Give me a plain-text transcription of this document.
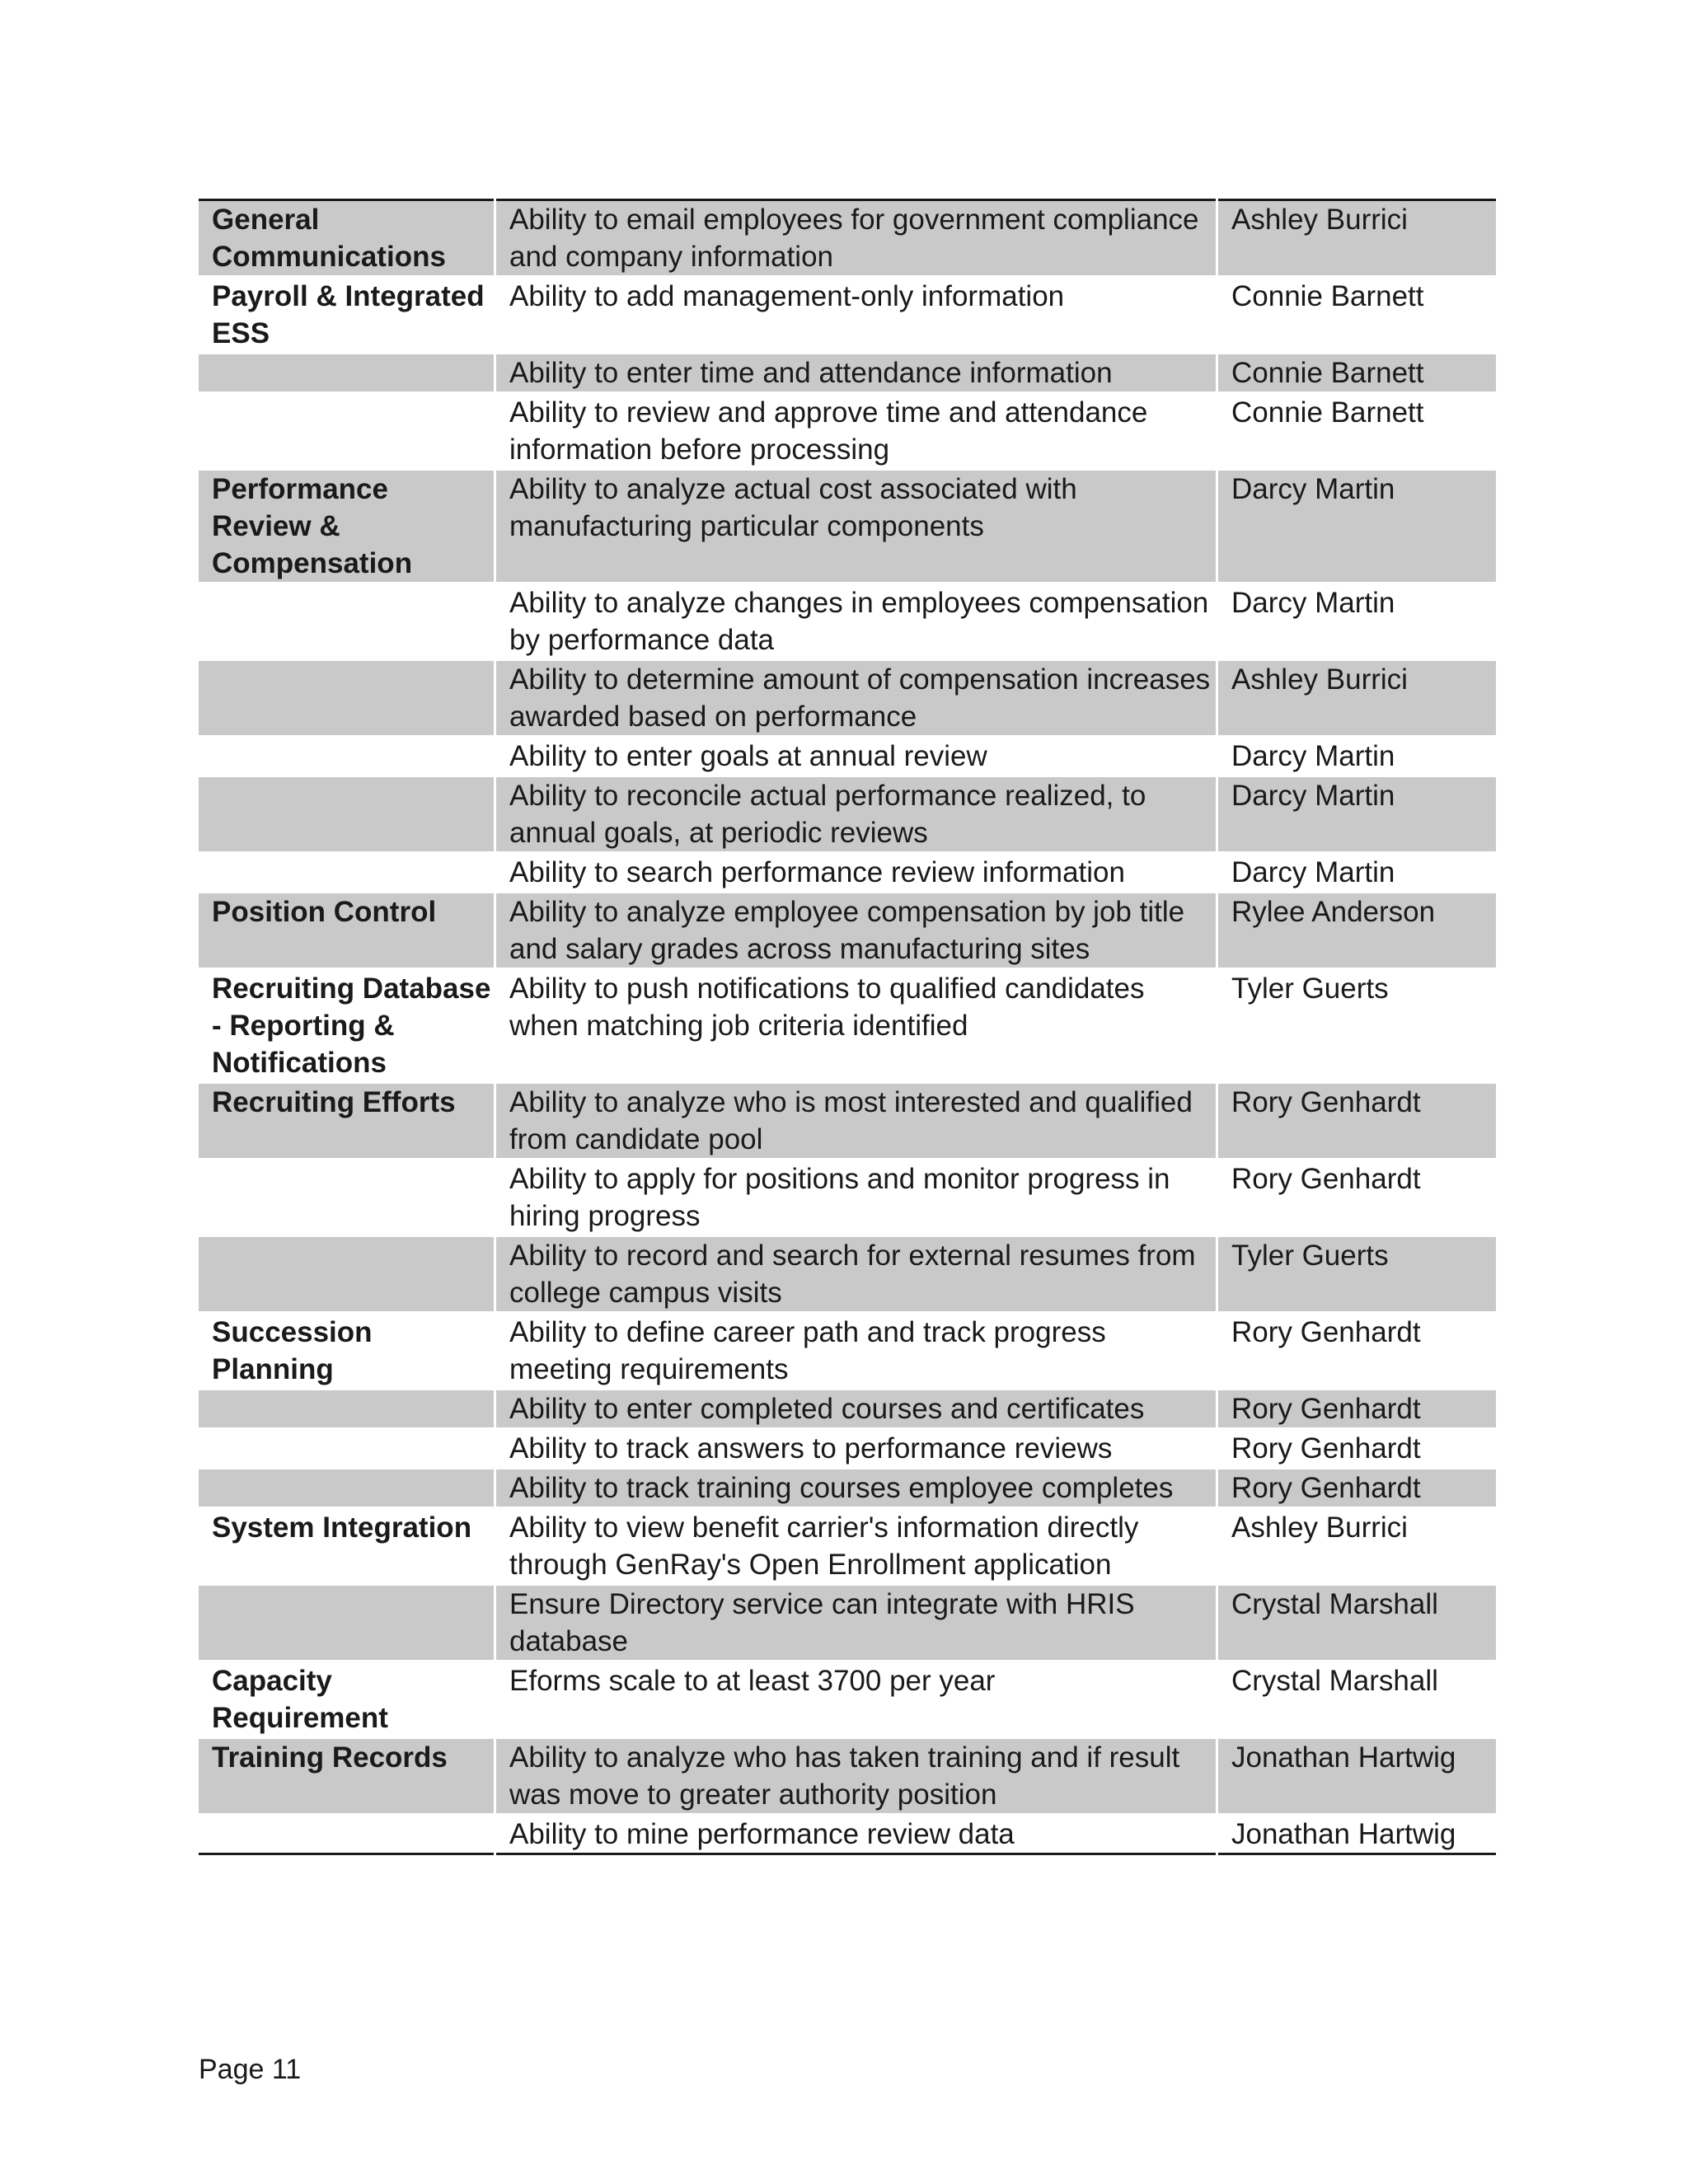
General Communications	Ability to email employees for government compliance and company information	Ashley Burrici
Payroll & Integrated ESS	Ability to add management-only information	Connie Barnett
	Ability to enter time and attendance information	Connie Barnett
	Ability to review and approve time and attendance information before processing	Connie Barnett
Performance Review & Compensation	Ability to analyze actual cost associated with manufacturing particular components	Darcy Martin
	Ability to analyze changes in employees compensation by performance data	Darcy Martin
	Ability to determine amount of compensation increases awarded based on performance	Ashley Burrici
	Ability to enter goals at annual review	Darcy Martin
	Ability to reconcile actual performance realized, to annual goals, at periodic reviews	Darcy Martin
	Ability to search performance review information	Darcy Martin
Position Control	Ability to analyze employee compensation by job title and salary grades across manufacturing sites	Rylee Anderson
Recruiting Database - Reporting & Notifications	Ability to push notifications to qualified candidates when matching job criteria identified	Tyler Guerts
Recruiting Efforts	Ability to analyze who is most interested and qualified from candidate pool	Rory Genhardt
	Ability to apply for positions and monitor progress in hiring progress	Rory Genhardt
	Ability to record and search for external resumes from college campus visits	Tyler Guerts
Succession Planning	Ability to define career path and track progress meeting requirements	Rory Genhardt
	Ability to enter completed courses and certificates	Rory Genhardt
	Ability to track answers to performance reviews	Rory Genhardt
	Ability to track training courses employee completes	Rory Genhardt
System Integration	Ability to view benefit carrier's information directly through GenRay's Open Enrollment application	Ashley Burrici
	Ensure Directory service can integrate with HRIS database	Crystal Marshall
Capacity Requirement	Eforms scale to at least 3700 per year	Crystal Marshall
Training Records	Ability to analyze who has taken training and if result was move to greater authority position	Jonathan Hartwig
	Ability to mine performance review data	Jonathan Hartwig
Page 11
